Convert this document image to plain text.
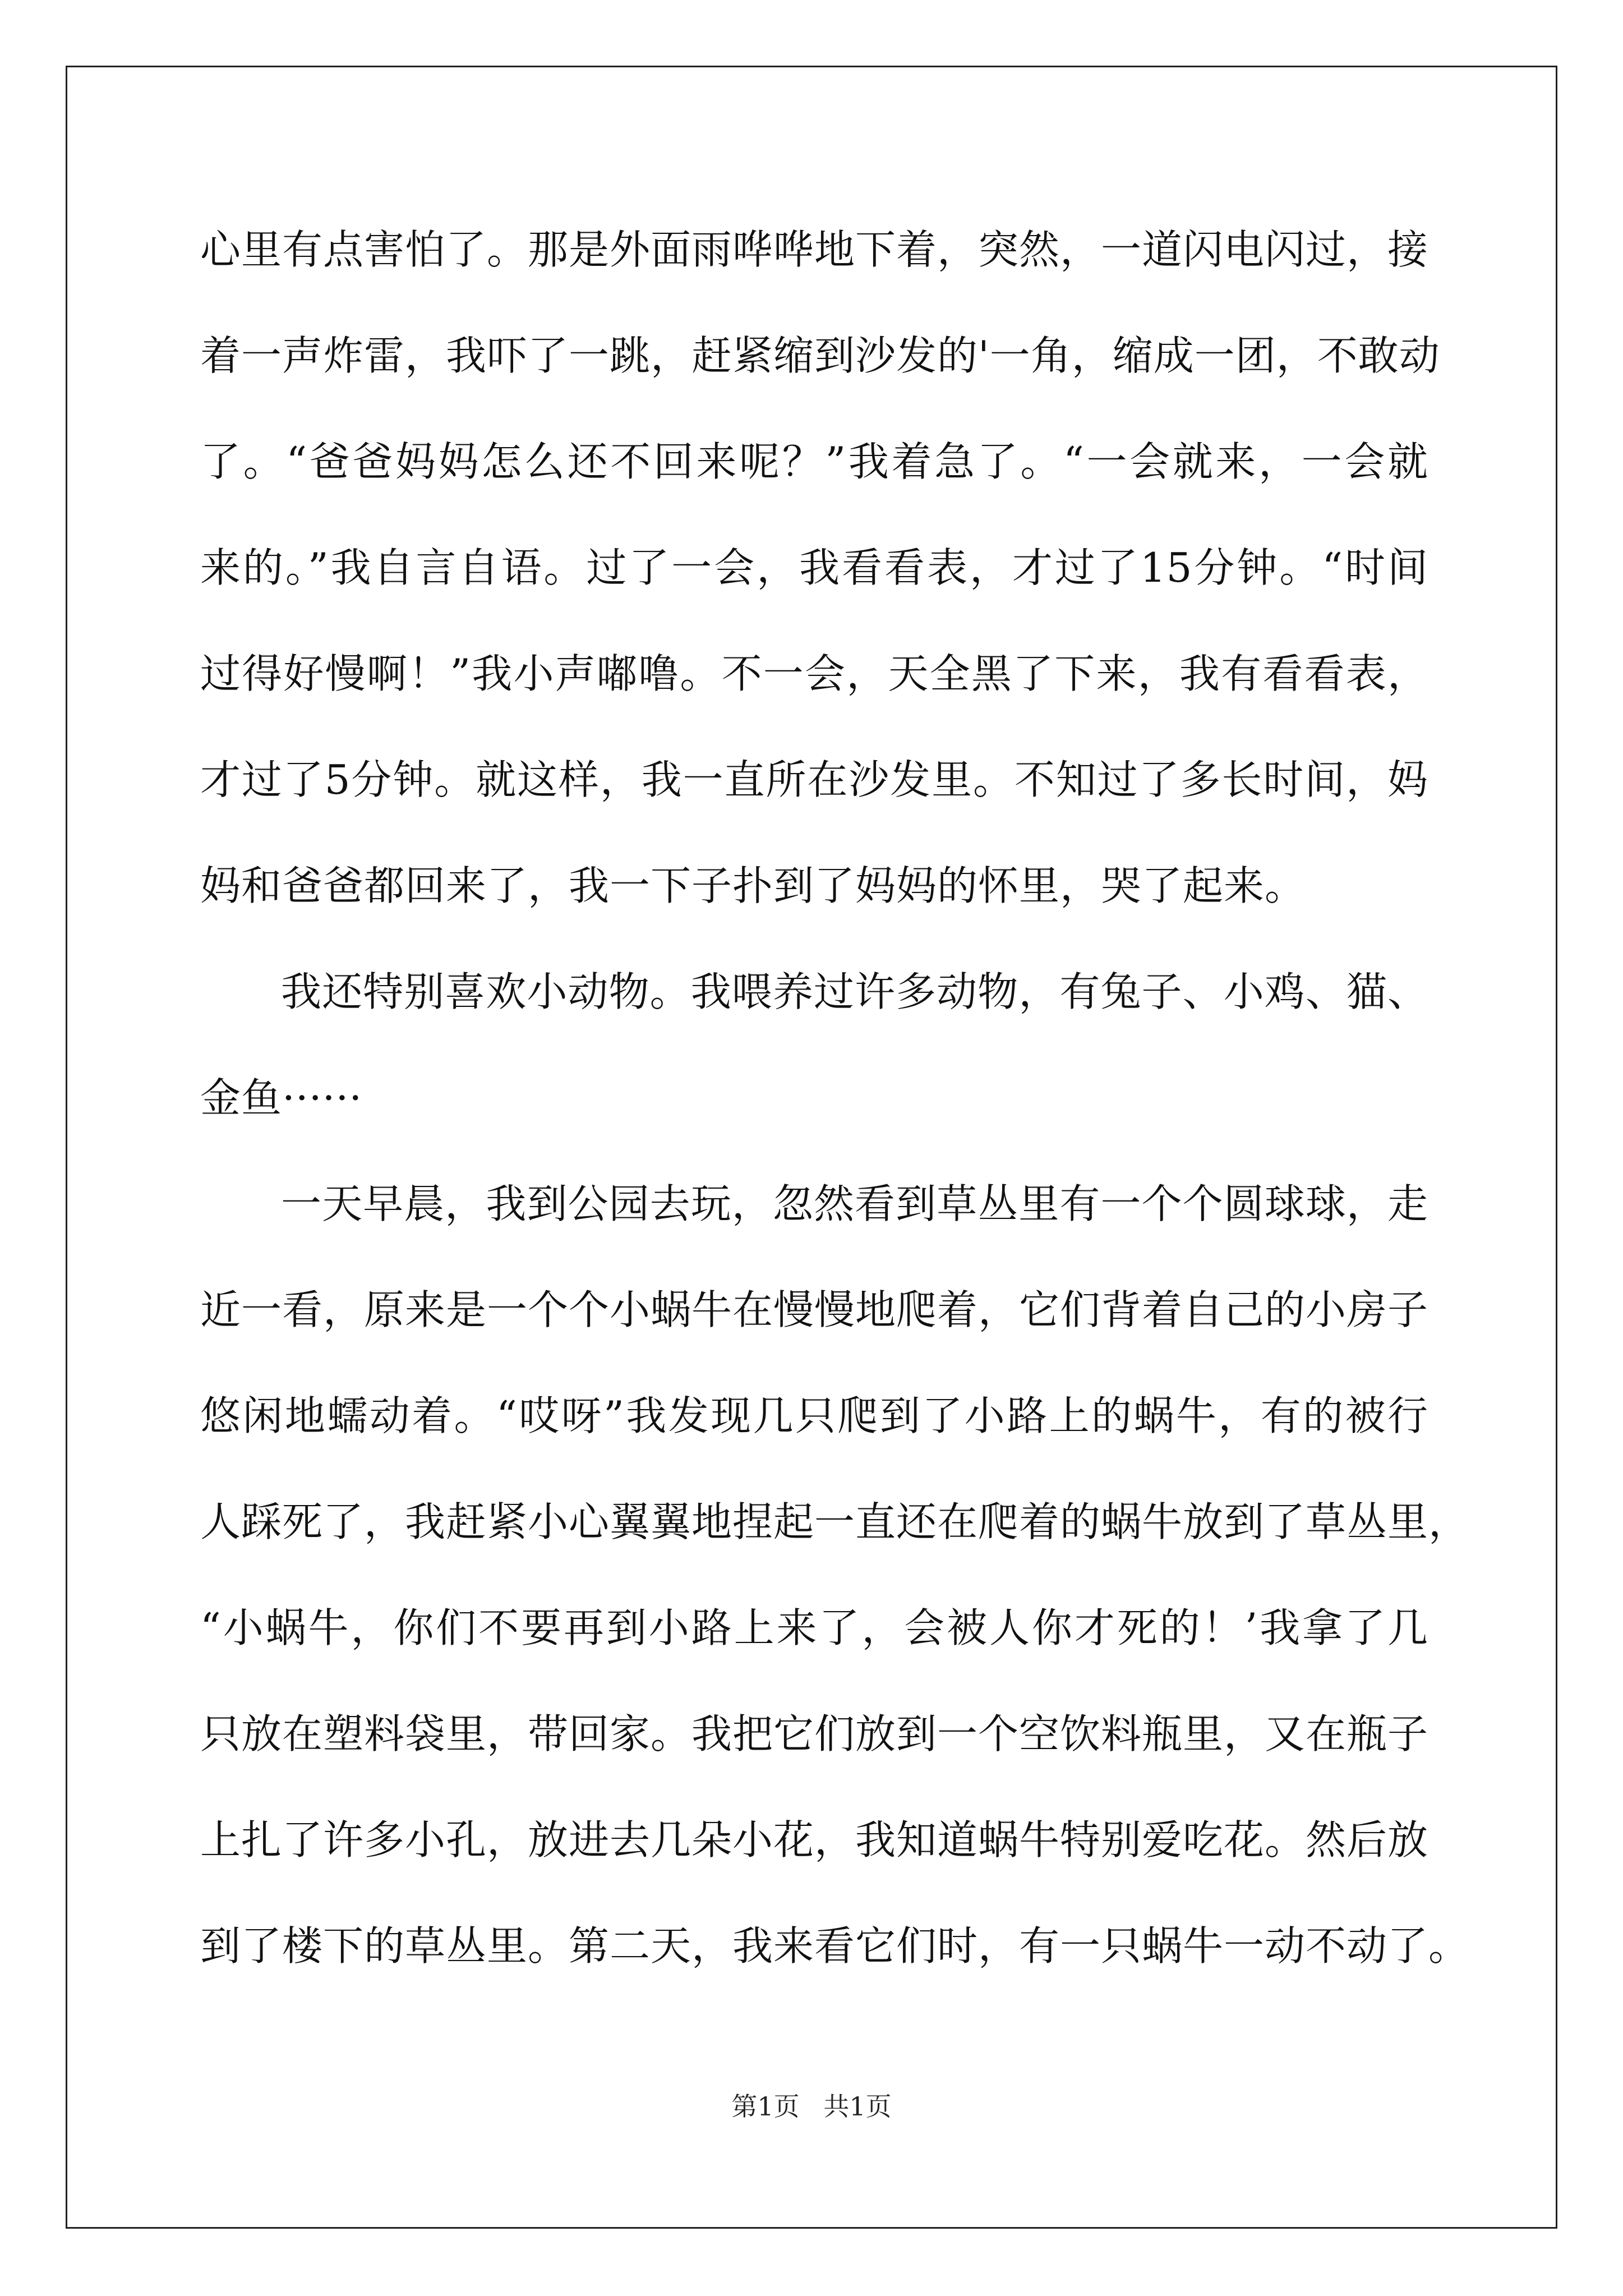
心里有点害怕了。那是外面雨哗哗地下着，突然，一道闪电闪过，接
着一声炸雷，我吓了一跳，赶紧缩到沙发的'一角，缩成一团，不敢动
了。“爸爸妈妈怎么还不回来呢？”我着急了。“一会就来，一会就
来的。”我自言自语。过了一会，我看看表，才过了15分钟。“时间
过得好慢啊！”我小声嘟噜。不一会，天全黑了下来，我有看看表，
才过了5分钟。就这样，我一直所在沙发里。不知过了多长时间，妈
妈和爸爸都回来了，我一下子扑到了妈妈的怀里，哭了起来。
我还特别喜欢小动物。我喂养过许多动物，有兔子、小鸡、猫、
金鱼······
一天早晨，我到公园去玩，忽然看到草丛里有一个个圆球球，走
近一看，原来是一个个小蜗牛在慢慢地爬着，它们背着自己的小房子
悠闲地蠕动着。“哎呀”我发现几只爬到了小路上的蜗牛，有的被行
人踩死了，我赶紧小心翼翼地捏起一直还在爬着的蜗牛放到了草丛里，
“小蜗牛，你们不要再到小路上来了，会被人你才死的！’我拿了几
只放在塑料袋里，带回家。我把它们放到一个空饮料瓶里，又在瓶子
上扎了许多小孔，放进去几朵小花，我知道蜗牛特别爱吃花。然后放
到了楼下的草丛里。第二天，我来看它们时，有一只蜗牛一动不动了。
第1页 共1页
